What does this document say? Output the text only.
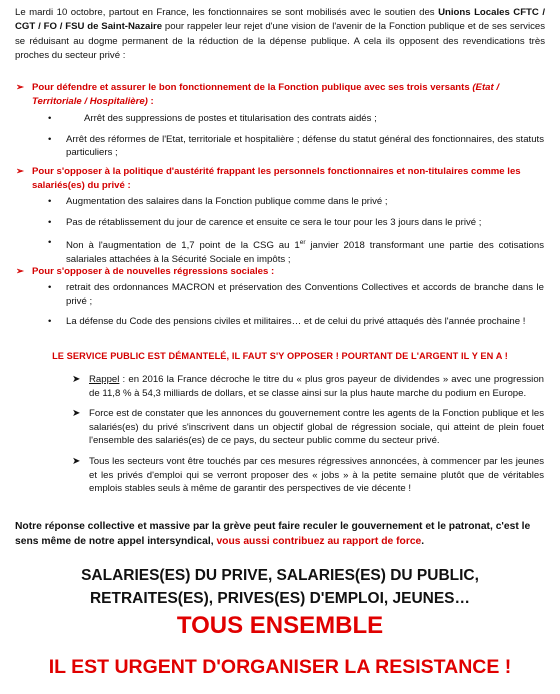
Le mardi 10 octobre, partout en France, les fonctionnaires se sont mobilisés avec le soutien des Unions Locales CFTC / CGT / FO / FSU de Saint-Nazaire pour rappeler leur rejet d'une vision de l'avenir de la Fonction publique et de ses services se réduisant au dogme permanent de la réduction de la dépense publique. A cela ils opposent des revendications très proches du secteur privé :
➢ Pour défendre et assurer le bon fonctionnement de la Fonction publique avec ses trois versants (Etat / Territoriale / Hospitalière) :
• Arrêt des suppressions de postes et titularisation des contrats aidés ;
• Arrêt des réformes de l'Etat, territoriale et hospitalière ; défense du statut général des fonctionnaires, des statuts particuliers ;
➢ Pour s'opposer à la politique d'austérité frappant les personnels fonctionnaires et non-titulaires comme les salariés(es) du privé :
• Augmentation des salaires dans la Fonction publique comme dans le privé ;
• Pas de rétablissement du jour de carence et ensuite ce sera le tour pour les 3 jours dans le privé ;
• Non à l'augmentation de 1,7 point de la CSG au 1er janvier 2018 transformant une partie des cotisations salariales attachées à la Sécurité Sociale en impôts ;
➢ Pour s'opposer à de nouvelles régressions sociales :
• retrait des ordonnances MACRON et préservation des Conventions Collectives et accords de branche dans le privé ;
• La défense du Code des pensions civiles et militaires… et de celui du privé attaqués dès l'année prochaine !
LE SERVICE PUBLIC EST DÉMANTELÉ, IL FAUT S'Y OPPOSER ! POURTANT DE L'ARGENT IL Y EN A !
➤ Rappel : en 2016 la France décroche le titre du « plus gros payeur de dividendes » avec une progression de 11,8 % à 54,3 milliards de dollars, et se classe ainsi sur la plus haute marche du podium en Europe.
➤ Force est de constater que les annonces du gouvernement contre les agents de la Fonction publique et les salariés(es) du privé s'inscrivent dans un objectif global de régression sociale, qui atteint de plein fouet l'ensemble des salariés(es) de ce pays, du secteur public comme du secteur privé.
➤ Tous les secteurs vont être touchés par ces mesures régressives annoncées, à commencer par les jeunes et les privés d'emploi qui se verront proposer des « jobs » à la petite semaine plutôt que de véritables emplois stables seuls à même de garantir des perspectives de vie décente !
Notre réponse collective et massive par la grève peut faire reculer le gouvernement et le patronat, c'est le sens même de notre appel intersyndical, vous aussi contribuez au rapport de force.
SALARIES(ES) DU PRIVE, SALARIES(ES) DU PUBLIC,
RETRAITES(ES), PRIVES(ES) D'EMPLOI, JEUNES…
TOUS ENSEMBLE
IL EST URGENT D'ORGANISER LA RESISTANCE !
